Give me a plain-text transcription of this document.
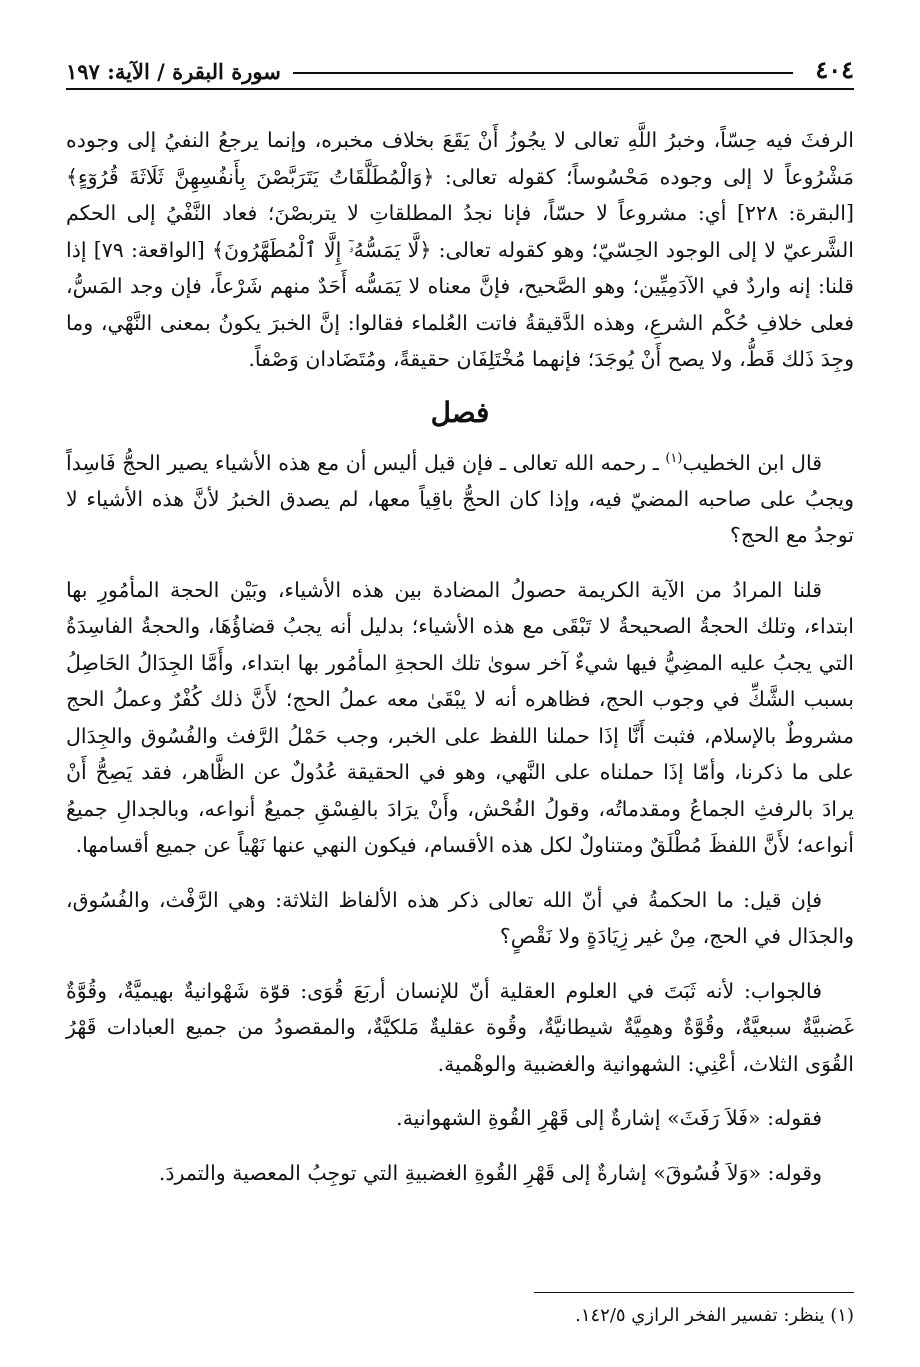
٤٠٤
سورة البقرة / الآية: ١٩٧

الرفثَ فيه حِسّاً، وخبرُ اللَّهِ تعالى لا يجُوزُ أَنْ يَقَعَ بخلاف مخبره، وإنما يرجعُ النفيُ إلى وجوده مَشْرُوعاً لا إلى وجوده مَحْسُوساً؛ كقوله تعالى: ﴿وَالْمُطَلَّقَاتُ يَتَرَبَّصْنَ بِأَنفُسِهِنَّ ثَلَاثَةَ قُرُوٓءٍ﴾ [البقرة: ٢٢٨] أي: مشروعاً لا حسّاً، فإنا نجدُ المطلقاتِ لا يتربصْنَ؛ فعاد النَّفْيُ إلى الحكم الشَّرعيّ لا إلى الوجود الحِسّيّ؛ وهو كقوله تعالى: ﴿لَّا يَمَسُّهُۥٓ إِلَّا ٱلْمُطَهَّرُونَ﴾ [الواقعة: ٧٩] إذا قلنا: إنه واردٌ في الآدَمِيِّين؛ وهو الصَّحيح، فإنَّ معناه لا يَمَسُّه أَحَدٌ منهم شَرْعاً، فإن وجد المَسُّ، فعلى خلافِ حُكْم الشرعِ، وهذه الدَّقيقةُ فاتت العُلماء فقالوا: إنَّ الخبرَ يكونُ بمعنى النَّهْي، وما وجِدَ ذَلك قَطُّ، ولا يصح أَنْ يُوجَدَ؛ فإنهما مُخْتَلِفَان حقيقةً، ومُتَضَادان وَصْفاً.

فصل

قال ابن الخطيب$^{(١)}$ ـ رحمه الله تعالى ـ فإن قيل أليس أن مع هذه الأشياء يصير الحجُّ فَاسِداً ويجبُ على صاحبه المضيّ فيه، وإذا كان الحجُّ باقِياً معها، لم يصدق الخبرُ لأنَّ هذه الأشياء لا توجدُ مع الحج؟

قلنا المرادُ من الآية الكريمة حصولُ المضادة بين هذه الأشياء، وبَيْن الحجة المأمُورِ بها ابتداء، وتلك الحجةُ الصحيحةُ لا تَبْقَى مع هذه الأشياء؛ بدليل أنه يجبُ قضاؤُهَا، والحجةُ الفاسِدَةُ التي يجبُ عليه المضِيُّ فيها شيءٌ آخر سوىٰ تلك الحجةِ المأمُور بها ابتداء، وأَمَّا الجِدَالُ الحَاصِلُ بسبب الشَّكِّ في وجوب الحج، فظاهره أنه لا يبْقَىٰ معه عملُ الحج؛ لأَنَّ ذلك كُفْرٌ وعملُ الحج مشروطٌ بالإسلام، فثبت أَنَّا إذَا حملنا اللفظ على الخبر، وجب حَمْلُ الرَّفث والفُسُوق والجِدَال على ما ذكرنا، وأمّا إذَا حملناه على النَّهي، وهو في الحقيقة عُدُولٌ عن الظَّاهر، فقد يَصِحُّ أَنْ يرادَ بالرفثِ الجماعُ ومقدماتُه، وقولُ الفُحْش، وأَنْ يرَادَ بالفِسْقِ جميعُ أنواعه، وبالجدالِ جميعُ أنواعه؛ لأَنَّ اللفظَ مُطْلَقٌ ومتناولٌ لكل هذه الأقسام، فيكون النهي عنها نَهْياً عن جميع أقسامها.

فإن قيل: ما الحكمةُ في أنّ الله تعالى ذكر هذه الألفاظ الثلاثة: وهي الرَّفْث، والفُسُوق، والجدَال في الحج، مِنْ غير زِيَادَةٍ ولا نَقْصٍ؟

فالجواب: لأنه ثَبَتَ في العلوم العقلية أنّ للإنسان أربَعَ قُوَى: قوّة شَهْوانيةٌ بهيميَّةٌ، وقُوَّةٌ غَضبيَّةٌ سبعيَّةٌ، وقُوَّةٌ وهمِيَّةٌ شيطانيَّةٌ، وقُوة عقليةٌ مَلكيَّةٌ، والمقصودُ من جميع العبادات قَهْرُ القُوَى الثلاث، أعْنِي: الشهوانية والغضبية والوهْمية.

فقوله: «فَلاَ رَفَثَ» إشارةٌ إلى قَهْرِ القُوةِ الشهوانية.

وقوله: «وَلاَ فُسُوقَ» إشارةٌ إلى قَهْرِ القُوةِ الغضبيةِ التي توجِبُ المعصية والتمردَ.

(١) ينظر: تفسير الفخر الرازي ١٤٢/٥.
